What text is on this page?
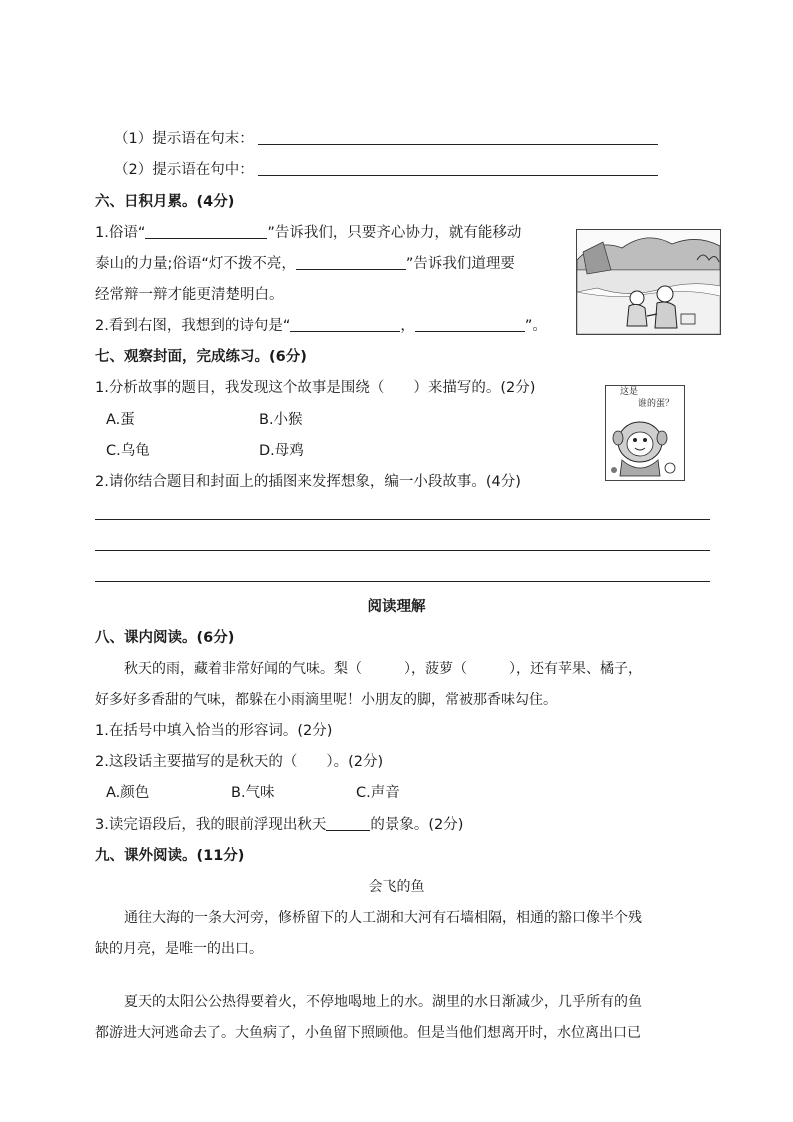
（1）提示语在句末：
（2）提示语在句中：
六、日积月累。(4分)
1.俗语“	”告诉我们，只要齐心协力，就有能移动
泰山的力量;俗语“灯不拨不亮，	”告诉我们道理要
经常辩一辩才能更清楚明白。
2.看到右图，我想到的诗句是“	，	”。
七、观察封面，完成练习。(6分)
1.分析故事的题目，我发现这个故事是围绕（　　）来描写的。(2分)
A.蛋	B.小猴
C.乌龟	D.母鸡
2.请你结合题目和封面上的插图来发挥想象，编一小段故事。(4分)
这是
谁的蛋？
阅读理解
八、课内阅读。(6分)
秋天的雨，藏着非常好闻的气味。梨（　　　），菠萝（　　　），还有苹果、橘子，
好多好多香甜的气味，都躲在小雨滴里呢！小朋友的脚，常被那香味勾住。
1.在括号中填入恰当的形容词。(2分)
2.这段话主要描写的是秋天的（　　）。(2分)
A.颜色	B.气味	C.声音
3.读完语段后，我的眼前浮现出秋天	的景象。(2分)
九、课外阅读。(11分)
会飞的鱼
通往大海的一条大河旁，修桥留下的人工湖和大河有石墙相隔，相通的豁口像半个残
缺的月亮，是唯一的出口。
夏天的太阳公公热得要着火，不停地喝地上的水。湖里的水日渐减少，几乎所有的鱼
都游进大河逃命去了。大鱼病了，小鱼留下照顾他。但是当他们想离开时，水位离出口已
